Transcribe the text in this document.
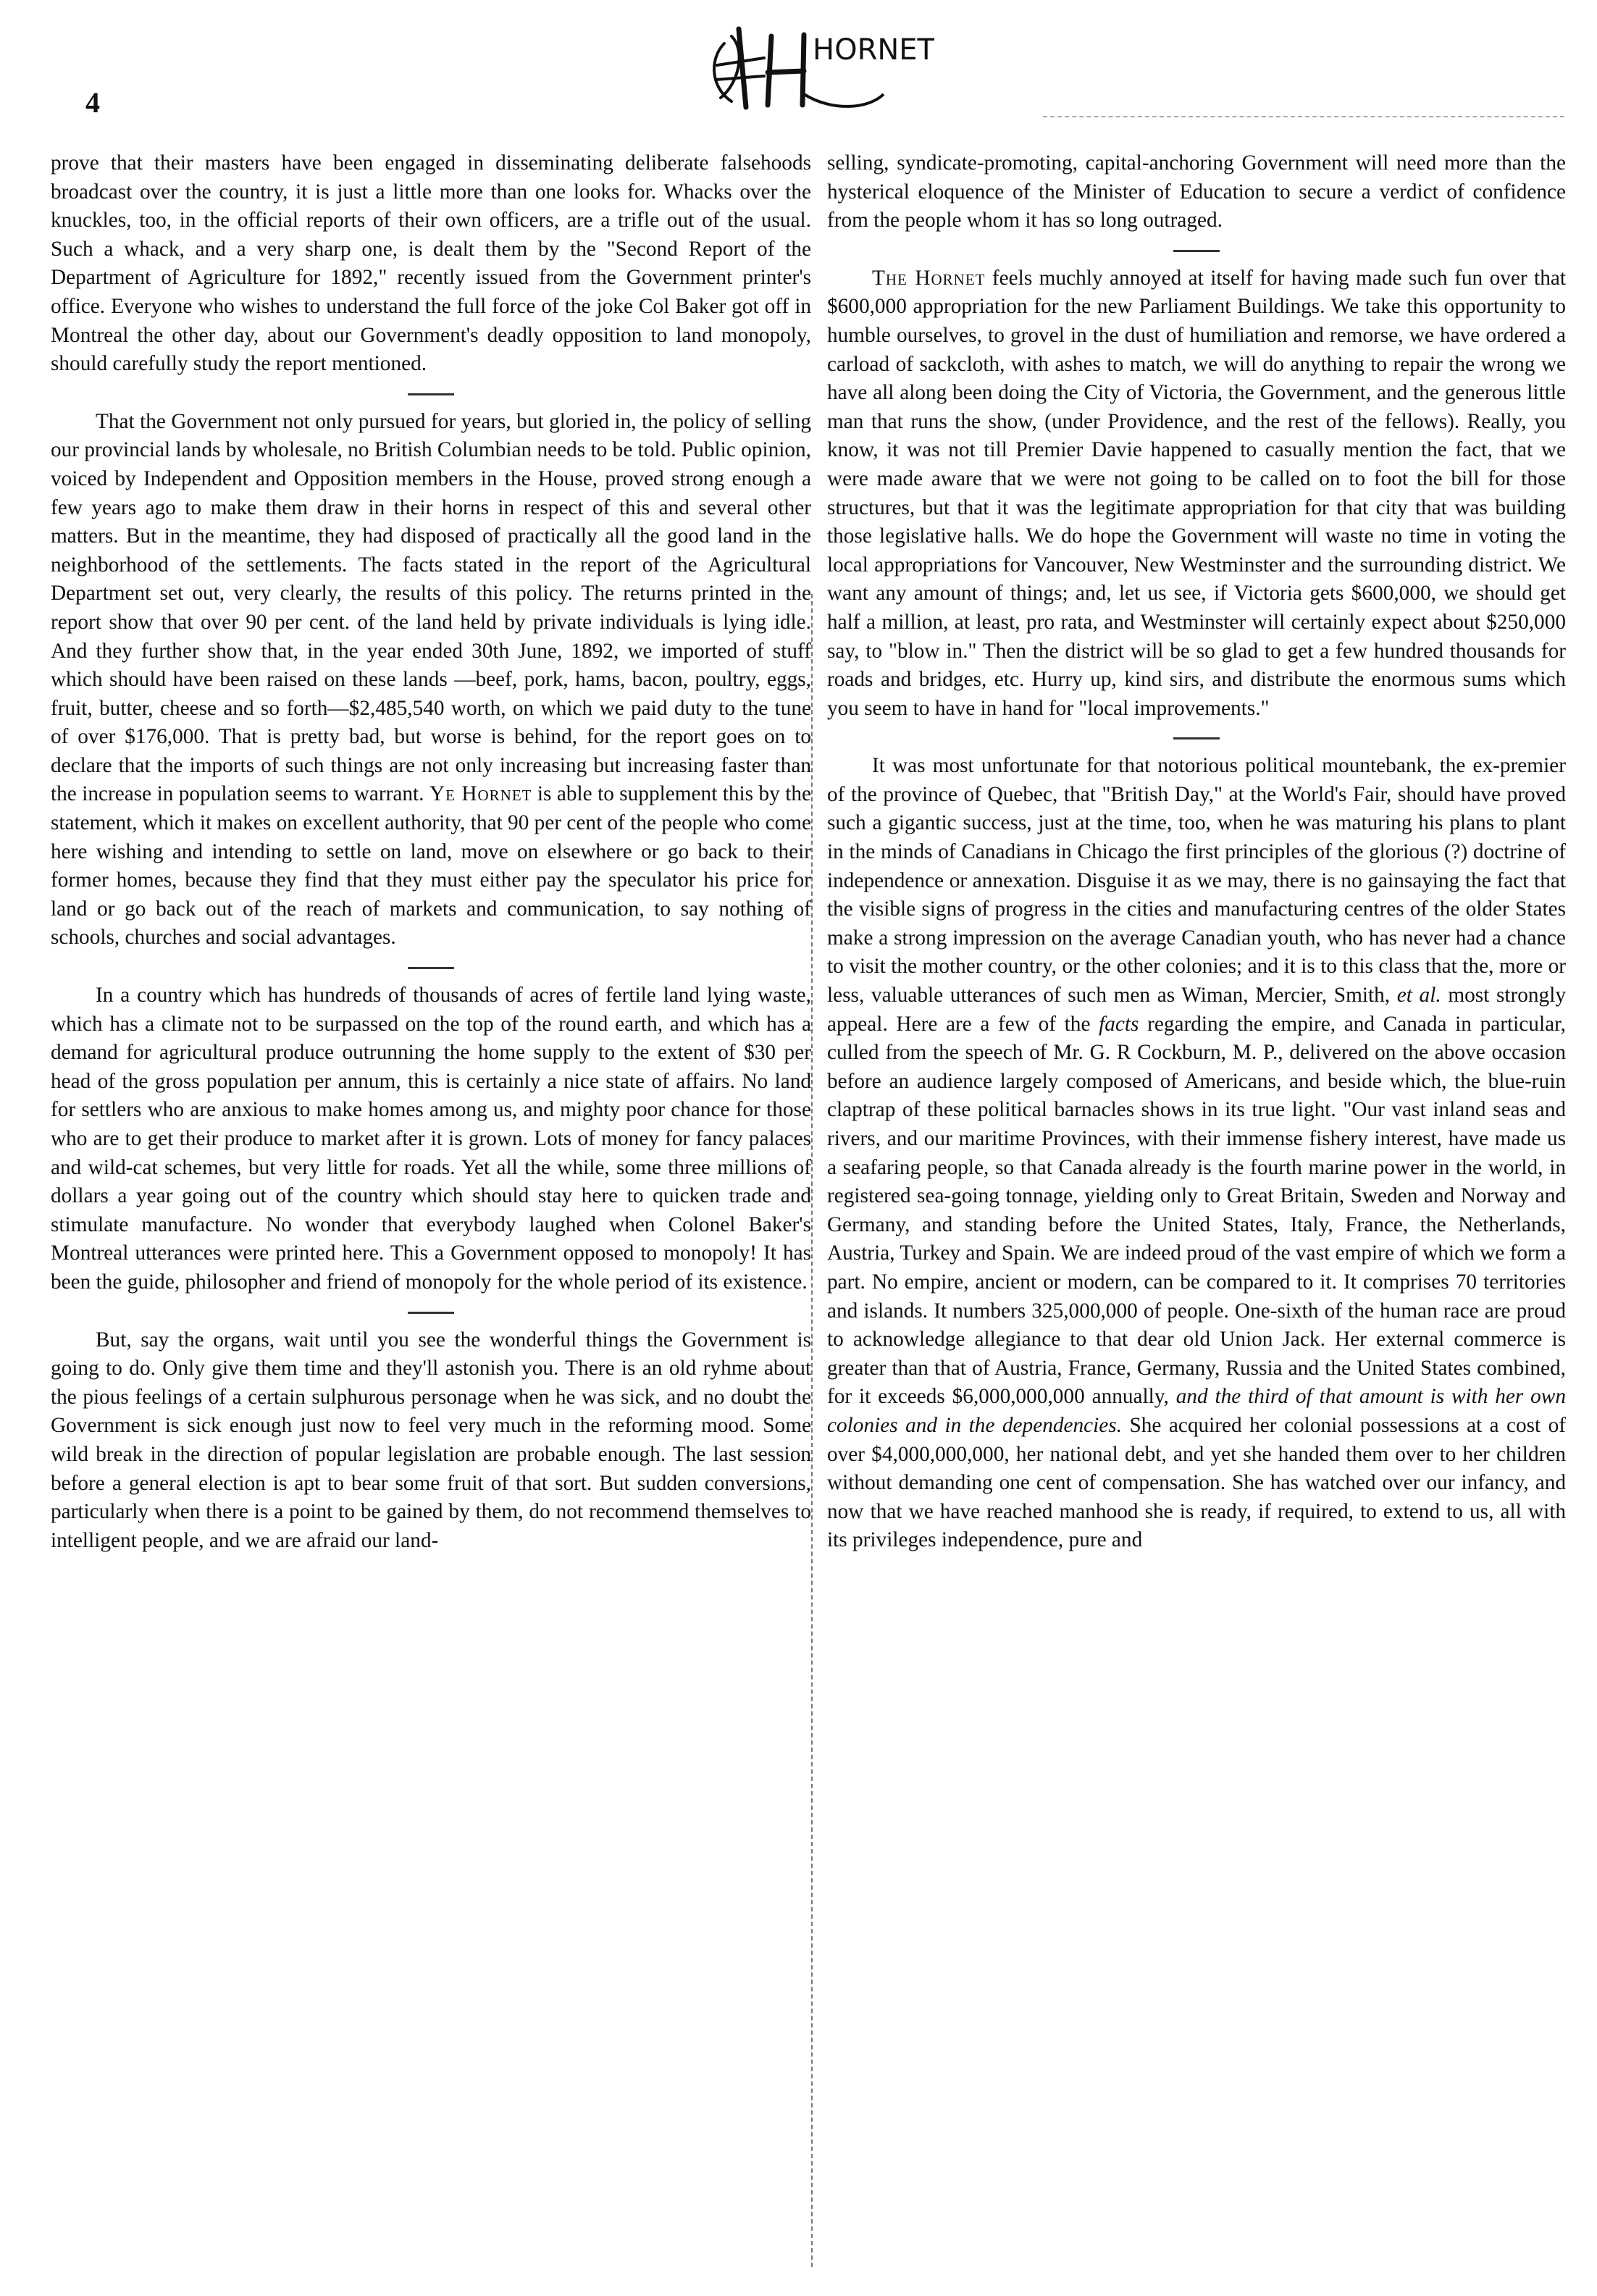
4
HORNET

prove that their masters have been engaged in disseminating deliberate falsehoods broadcast over the country, it is just a little more than one looks for. Whacks over the knuckles, too, in the official reports of their own officers, are a trifle out of the usual. Such a whack, and a very sharp one, is dealt them by the "Second Report of the Department of Agriculture for 1892," recently issued from the Government printer's office. Everyone who wishes to understand the full force of the joke Col Baker got off in Montreal the other day, about our Government's deadly opposition to land monopoly, should carefully study the report mentioned.

That the Government not only pursued for years, but gloried in, the policy of selling our provincial lands by wholesale, no British Columbian needs to be told. Public opinion, voiced by Independent and Opposition members in the House, proved strong enough a few years ago to make them draw in their horns in respect of this and several other matters. But in the meantime, they had disposed of practically all the good land in the neighborhood of the settlements. The facts stated in the report of the Agricultural Department set out, very clearly, the results of this policy. The returns printed in the report show that over 90 per cent. of the land held by private individuals is lying idle. And they further show that, in the year ended 30th June, 1892, we imported of stuff which should have been raised on these lands —beef, pork, hams, bacon, poultry, eggs, fruit, butter, cheese and so forth—$2,485,540 worth, on which we paid duty to the tune of over $176,000. That is pretty bad, but worse is behind, for the report goes on to declare that the imports of such things are not only increasing but increasing faster than the increase in population seems to warrant. Ye Hornet is able to supplement this by the statement, which it makes on excellent authority, that 90 per cent of the people who come here wishing and intending to settle on land, move on elsewhere or go back to their former homes, because they find that they must either pay the speculator his price for land or go back out of the reach of markets and communication, to say nothing of schools, churches and social advantages.

In a country which has hundreds of thousands of acres of fertile land lying waste, which has a climate not to be surpassed on the top of the round earth, and which has a demand for agricultural produce outrunning the home supply to the extent of $30 per head of the gross population per annum, this is certainly a nice state of affairs. No land for settlers who are anxious to make homes among us, and mighty poor chance for those who are to get their produce to market after it is grown. Lots of money for fancy palaces and wild-cat schemes, but very little for roads. Yet all the while, some three millions of dollars a year going out of the country which should stay here to quicken trade and stimulate manufacture. No wonder that everybody laughed when Colonel Baker's Montreal utterances were printed here. This a Government opposed to monopoly! It has been the guide, philosopher and friend of monopoly for the whole period of its existence.

But, say the organs, wait until you see the wonderful things the Government is going to do. Only give them time and they'll astonish you. There is an old ryhme about the pious feelings of a certain sulphurous personage when he was sick, and no doubt the Government is sick enough just now to feel very much in the reforming mood. Some wild break in the direction of popular legislation are probable enough. The last session before a general election is apt to bear some fruit of that sort. But sudden conversions, particularly when there is a point to be gained by them, do not recommend themselves to intelligent people, and we are afraid our land-

selling, syndicate-promoting, capital-anchoring Government will need more than the hysterical eloquence of the Minister of Education to secure a verdict of confidence from the people whom it has so long outraged.

The Hornet feels muchly annoyed at itself for having made such fun over that $600,000 appropriation for the new Parliament Buildings. We take this opportunity to humble ourselves, to grovel in the dust of humiliation and remorse, we have ordered a carload of sackcloth, with ashes to match, we will do anything to repair the wrong we have all along been doing the City of Victoria, the Government, and the generous little man that runs the show, (under Providence, and the rest of the fellows). Really, you know, it was not till Premier Davie happened to casually mention the fact, that we were made aware that we were not going to be called on to foot the bill for those structures, but that it was the legitimate appropriation for that city that was building those legislative halls. We do hope the Government will waste no time in voting the local appropriations for Vancouver, New Westminster and the surrounding district. We want any amount of things; and, let us see, if Victoria gets $600,000, we should get half a million, at least, pro rata, and Westminster will certainly expect about $250,000 say, to "blow in." Then the district will be so glad to get a few hundred thousands for roads and bridges, etc. Hurry up, kind sirs, and distribute the enormous sums which you seem to have in hand for "local improvements."

It was most unfortunate for that notorious political mountebank, the ex-premier of the province of Quebec, that "British Day," at the World's Fair, should have proved such a gigantic success, just at the time, too, when he was maturing his plans to plant in the minds of Canadians in Chicago the first principles of the glorious (?) doctrine of independence or annexation. Disguise it as we may, there is no gainsaying the fact that the visible signs of progress in the cities and manufacturing centres of the older States make a strong impression on the average Canadian youth, who has never had a chance to visit the mother country, or the other colonies; and it is to this class that the, more or less, valuable utterances of such men as Wiman, Mercier, Smith, et al. most strongly appeal. Here are a few of the facts regarding the empire, and Canada in particular, culled from the speech of Mr. G. R Cockburn, M. P., delivered on the above occasion before an audience largely composed of Americans, and beside which, the blue-ruin claptrap of these political barnacles shows in its true light. "Our vast inland seas and rivers, and our maritime Provinces, with their immense fishery interest, have made us a seafaring people, so that Canada already is the fourth marine power in the world, in registered sea-going tonnage, yielding only to Great Britain, Sweden and Norway and Germany, and standing before the United States, Italy, France, the Netherlands, Austria, Turkey and Spain. We are indeed proud of the vast empire of which we form a part. No empire, ancient or modern, can be compared to it. It comprises 70 territories and islands. It numbers 325,000,000 of people. One-sixth of the human race are proud to acknowledge allegiance to that dear old Union Jack. Her external commerce is greater than that of Austria, France, Germany, Russia and the United States combined, for it exceeds $6,000,000,000 annually, and the third of that amount is with her own colonies and in the dependencies. She acquired her colonial possessions at a cost of over $4,000,000,000, her national debt, and yet she handed them over to her children without demanding one cent of compensation. She has watched over our infancy, and now that we have reached manhood she is ready, if required, to extend to us, all with its privileges independence, pure and
